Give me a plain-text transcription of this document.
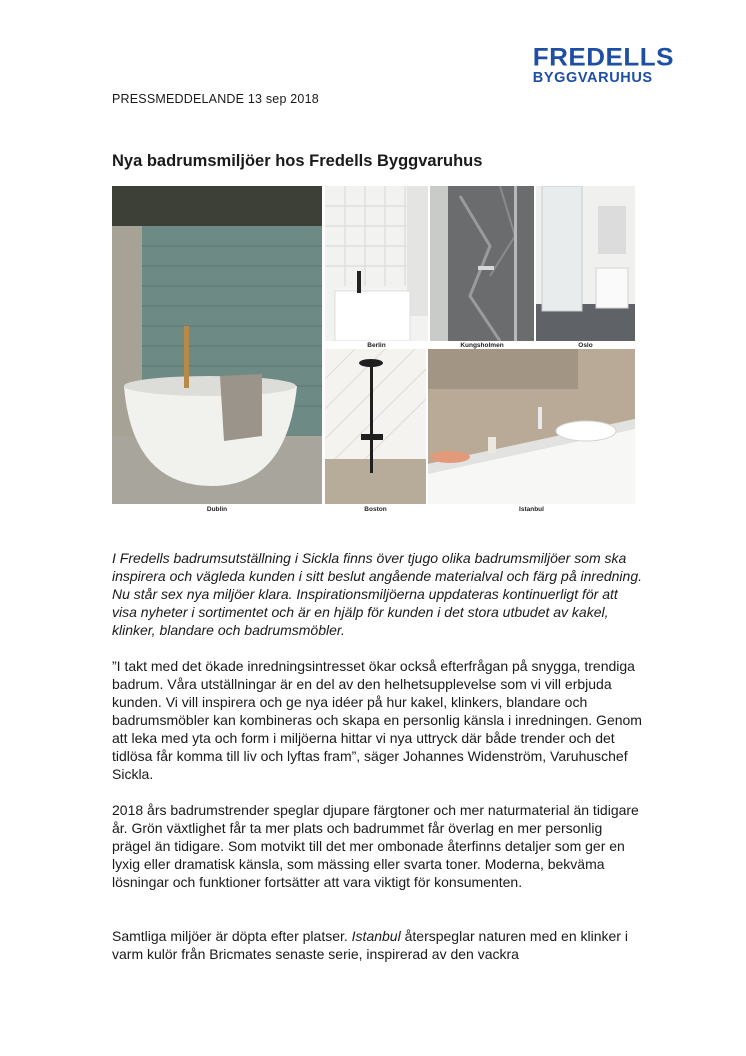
FREDELLS
BYGGVARUHUS
PRESSMEDDELANDE 13 sep 2018
Nya badrumsmiljöer hos Fredells Byggvaruhus
Dublin
Berlin	Kungsholmen	Oslo
Boston	Istanbul

I Fredells badrumsutställning i Sickla finns över tjugo olika badrumsmiljöer som ska inspirera och vägleda kunden i sitt beslut angående materialval och färg på inredning. Nu står sex nya miljöer klara. Inspirationsmiljöerna uppdateras kontinuerligt för att visa nyheter i sortimentet och är en hjälp för kunden i det stora utbudet av kakel, klinker, blandare och badrumsmöbler.

”I takt med det ökade inredningsintresset ökar också efterfrågan på snygga, trendiga badrum. Våra utställningar är en del av den helhetsupplevelse som vi vill erbjuda kunden. Vi vill inspirera och ge nya idéer på hur kakel, klinkers, blandare och badrumsmöbler kan kombineras och skapa en personlig känsla i inredningen. Genom att leka med yta och form i miljöerna hittar vi nya uttryck där både trender och det tidlösa får komma till liv och lyftas fram”, säger Johannes Widenström, Varuhuschef Sickla.

2018 års badrumstrender speglar djupare färgtoner och mer naturmaterial än tidigare år. Grön växtlighet får ta mer plats och badrummet får överlag en mer personlig prägel än tidigare. Som motvikt till det mer ombonade återfinns detaljer som ger en lyxig eller dramatisk känsla, som mässing eller svarta toner. Moderna, bekväma lösningar och funktioner fortsätter att vara viktigt för konsumenten.

Samtliga miljöer är döpta efter platser. Istanbul återspeglar naturen med en klinker i varm kulör från Bricmates senaste serie, inspirerad av den vackra
